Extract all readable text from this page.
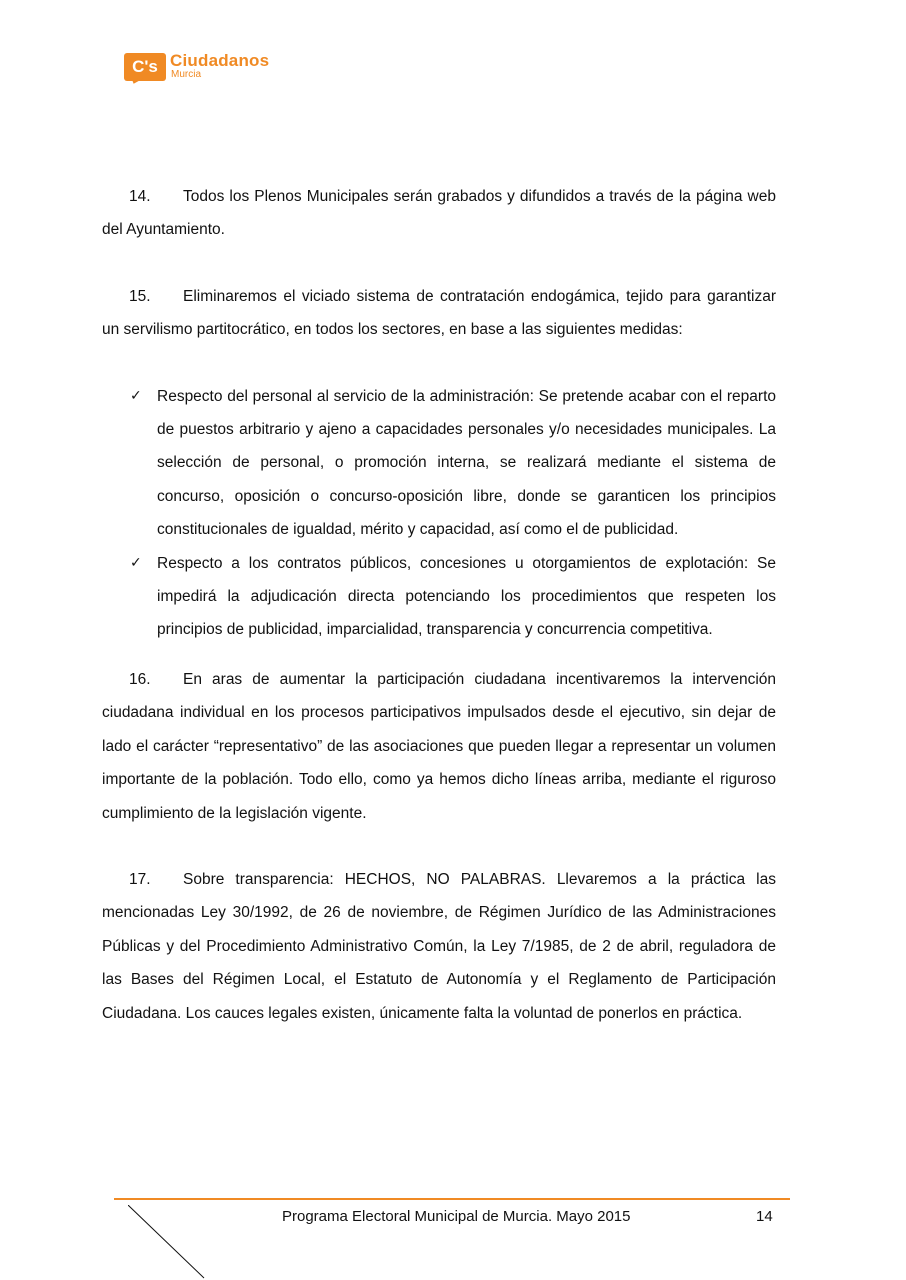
C's Ciudadanos
Murcia

14. Todos los Plenos Municipales serán grabados y difundidos a través de la página web del Ayuntamiento.

15. Eliminaremos el viciado sistema de contratación endogámica, tejido para garantizar un servilismo partitocrático, en todos los sectores, en base a las siguientes medidas:

✓ Respecto del personal al servicio de la administración: Se pretende acabar con el reparto de puestos arbitrario y ajeno a capacidades personales y/o necesidades municipales. La selección de personal, o promoción interna, se realizará mediante el sistema de concurso, oposición o concurso-oposición libre, donde se garanticen los principios constitucionales de igualdad, mérito y capacidad, así como el de publicidad.
✓ Respecto a los contratos públicos, concesiones u otorgamientos de explotación: Se impedirá la adjudicación directa potenciando los procedimientos que respeten los principios de publicidad, imparcialidad, transparencia y concurrencia competitiva.

16. En aras de aumentar la participación ciudadana incentivaremos la intervención ciudadana individual en los procesos participativos impulsados desde el ejecutivo, sin dejar de lado el carácter “representativo” de las asociaciones que pueden llegar a representar un volumen importante de la población. Todo ello, como ya hemos dicho líneas arriba, mediante el riguroso cumplimiento de la legislación vigente.

17. Sobre transparencia: HECHOS, NO PALABRAS. Llevaremos a la práctica las mencionadas Ley 30/1992, de 26 de noviembre, de Régimen Jurídico de las Administraciones Públicas y del Procedimiento Administrativo Común, la Ley 7/1985, de 2 de abril, reguladora de las Bases del Régimen Local, el Estatuto de Autonomía y el Reglamento de Participación Ciudadana. Los cauces legales existen, únicamente falta la voluntad de ponerlos en práctica.

Programa Electoral Municipal de Murcia. Mayo 2015	14
